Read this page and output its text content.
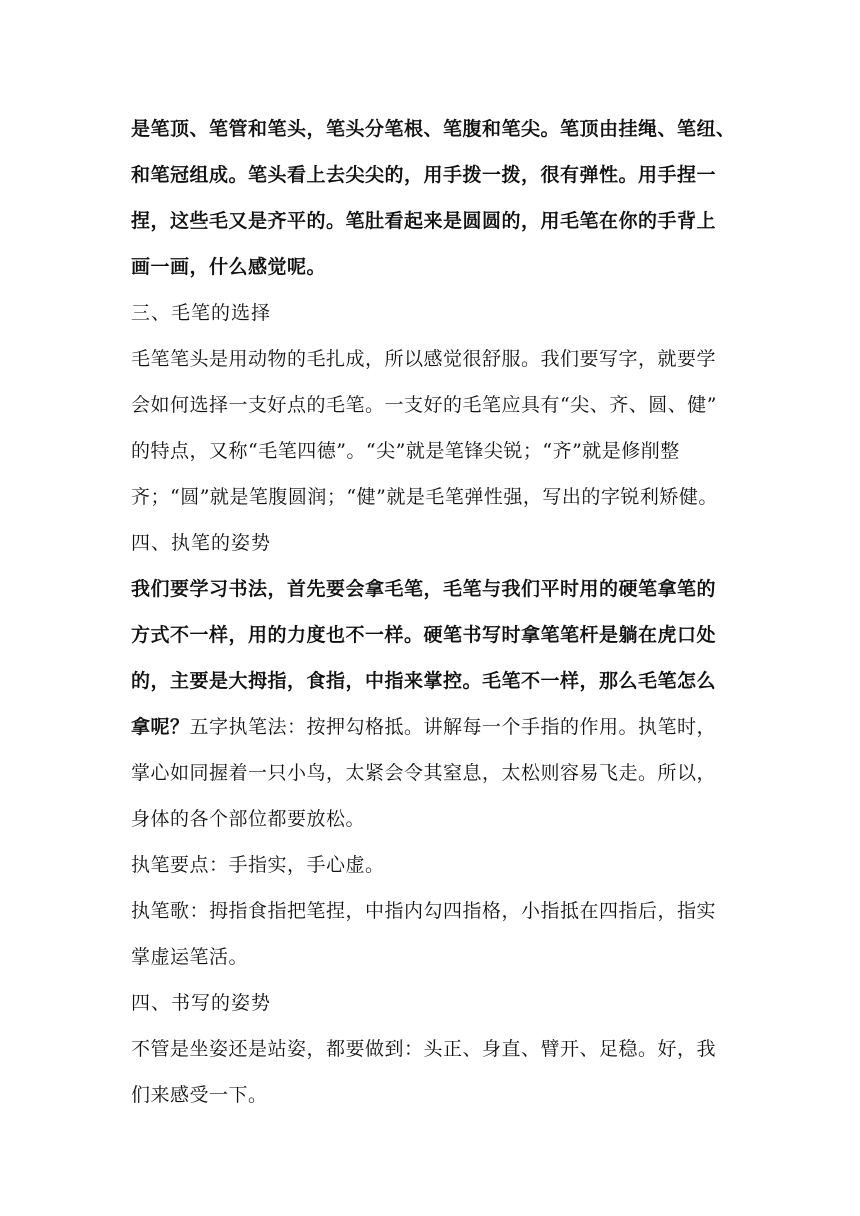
是笔顶、笔管和笔头，笔头分笔根、笔腹和笔尖。笔顶由挂绳、笔纽、
和笔冠组成。笔头看上去尖尖的，用手拨一拨，很有弹性。用手捏一
捏，这些毛又是齐平的。笔肚看起来是圆圆的，用毛笔在你的手背上
画一画，什么感觉呢。
三、毛笔的选择
毛笔笔头是用动物的毛扎成，所以感觉很舒服。我们要写字，就要学
会如何选择一支好点的毛笔。一支好的毛笔应具有“尖、齐、圆、健”
的特点，又称“毛笔四德”。“尖”就是笔锋尖锐；“齐”就是修削整
齐；“圆”就是笔腹圆润；“健”就是毛笔弹性强，写出的字锐利矫健。
四、执笔的姿势
我们要学习书法，首先要会拿毛笔，毛笔与我们平时用的硬笔拿笔的
方式不一样，用的力度也不一样。硬笔书写时拿笔笔杆是躺在虎口处
的，主要是大拇指，食指，中指来掌控。毛笔不一样，那么毛笔怎么
拿呢？五字执笔法：按押勾格抵。讲解每一个手指的作用。执笔时，
掌心如同握着一只小鸟，太紧会令其窒息，太松则容易飞走。所以，
身体的各个部位都要放松。
执笔要点：手指实，手心虚。
执笔歌：拇指食指把笔捏，中指内勾四指格，小指抵在四指后，指实
掌虚运笔活。
四、书写的姿势
不管是坐姿还是站姿，都要做到：头正、身直、臂开、足稳。好，我
们来感受一下。
